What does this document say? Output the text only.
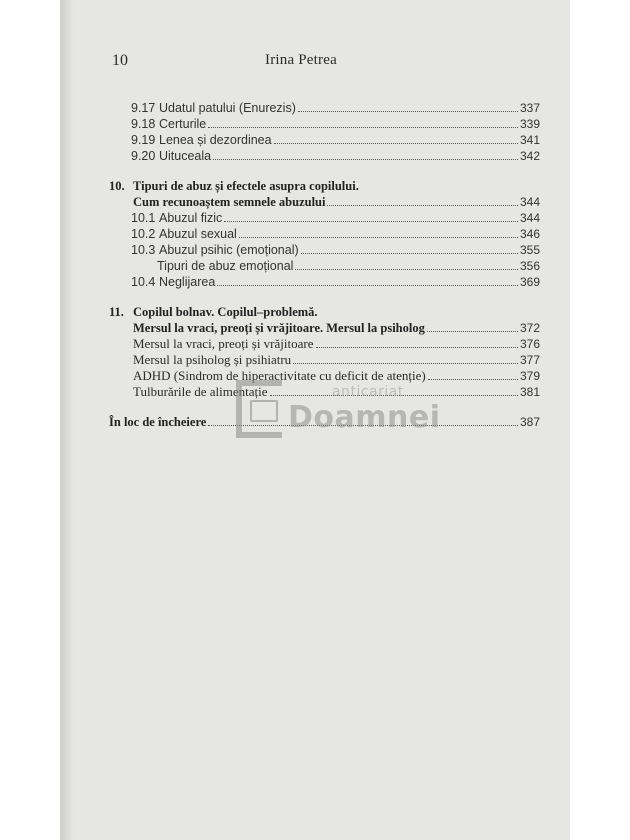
10	Irina Petrea
9.17 Udatul patului (Enurezis)	337
9.18 Certurile	339
9.19 Lenea și dezordinea	341
9.20 Uituceala	342
10. Tipuri de abuz și efectele asupra copilului.
Cum recunoaștem semnele abuzului	344
10.1 Abuzul fizic	344
10.2 Abuzul sexual	346
10.3 Abuzul psihic (emoțional)	355
Tipuri de abuz emoțional	356
10.4 Neglijarea	369
11. Copilul bolnav. Copilul–problemă.
Mersul la vraci, preoți și vrăjitoare. Mersul la psiholog	372
Mersul la vraci, preoți și vrăjitoare	376
Mersul la psiholog și psihiatru	377
ADHD (Sindrom de hiperactivitate cu deficit de atenție)	379
Tulburările de alimentație	381
În loc de încheiere	387
anticariat
Doamnei
